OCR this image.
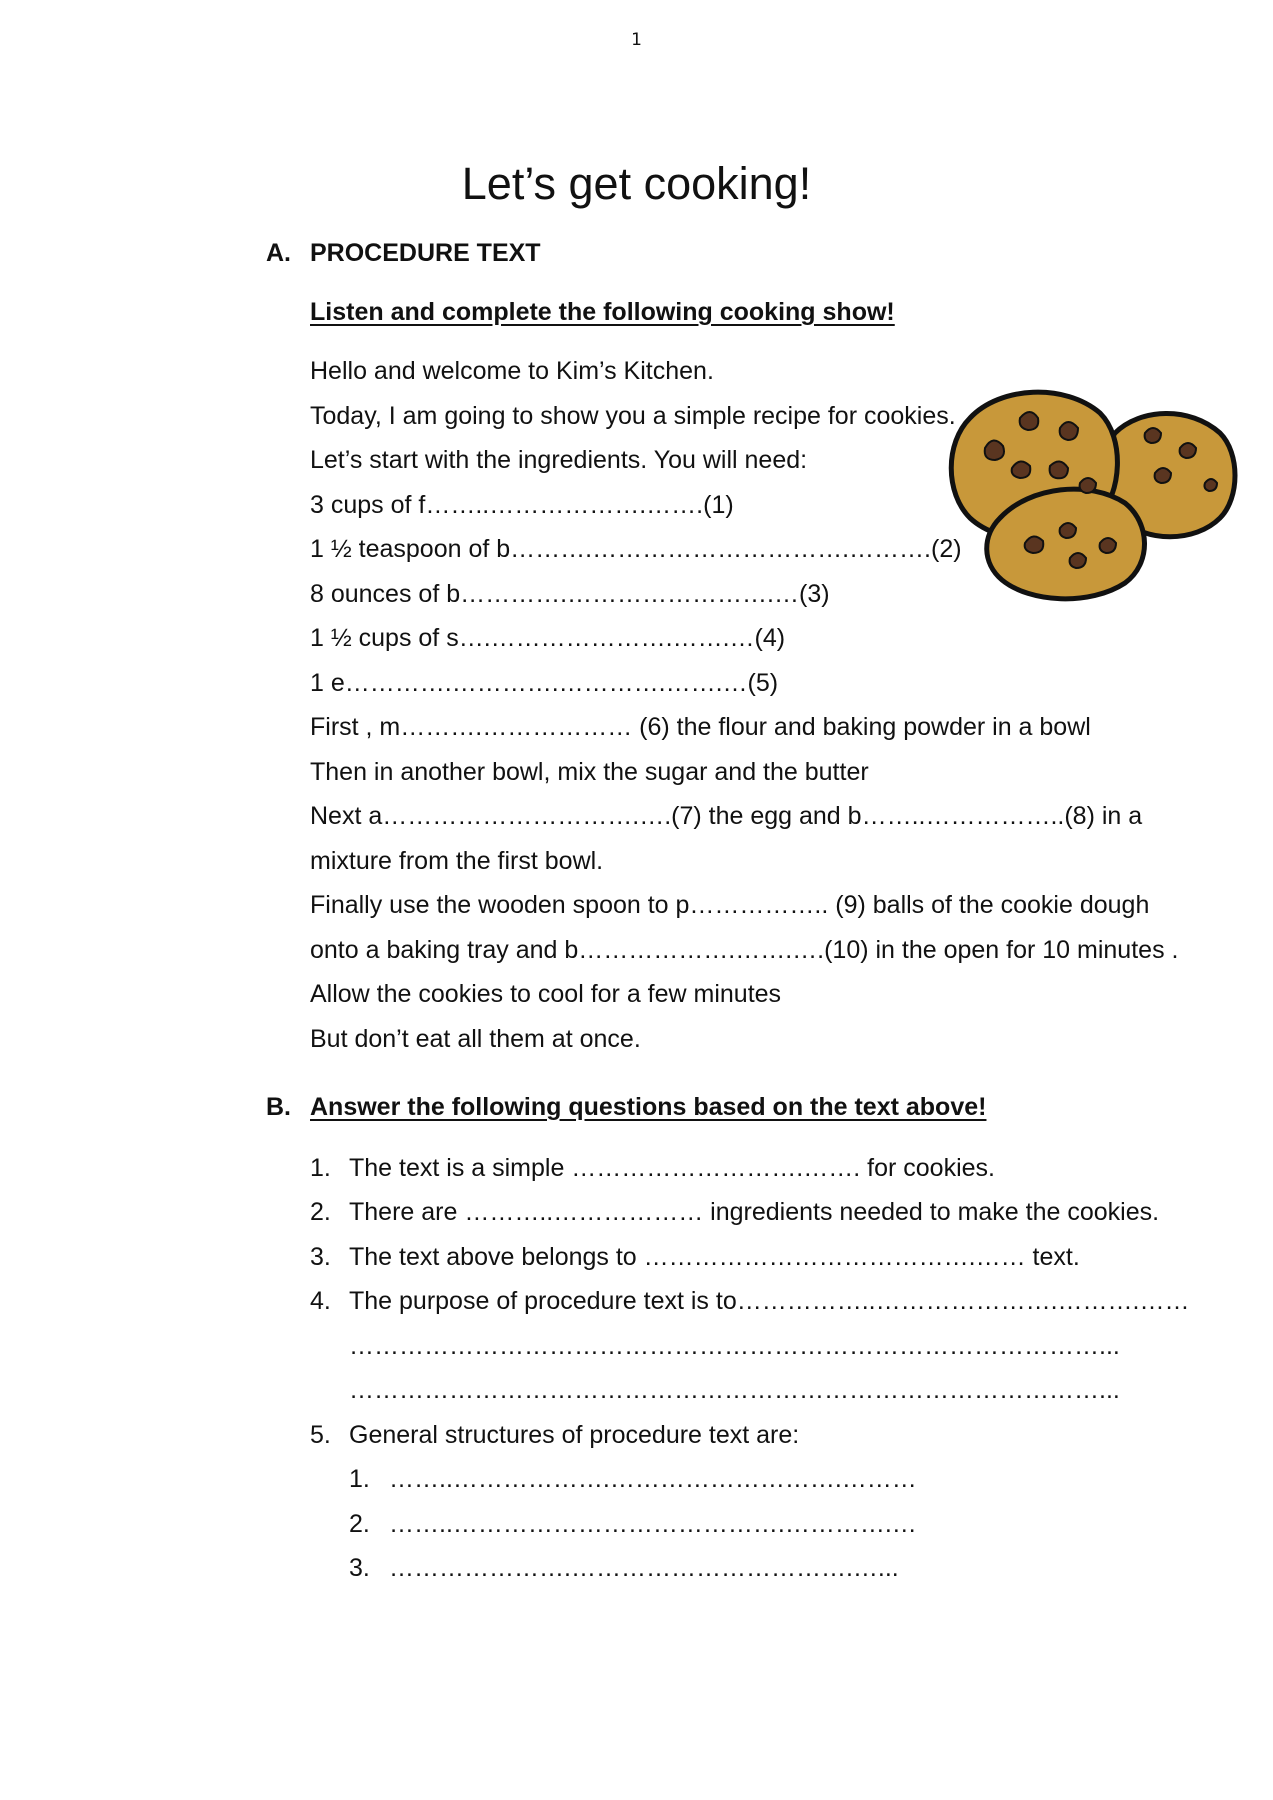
1
Let’s get cooking!
A. PROCEDURE TEXT
Listen and complete the following cooking show!
Hello and welcome to Kim’s Kitchen.
Today, I am going to show you a simple recipe for cookies.
Let’s start with the ingredients. You will need:
3 cups of f……..……………….…….(1)
1 ½ teaspoon of b……….………………………….……….(2)
8 ounces of b………….…………………….…(3)
1 ½ cups of s….………………….…….…(4)
1 e………….………….………….…….…(5)
First , m……….……………… (6) the flour and baking powder in a bowl
Then in another bowl, mix the sugar and the butter
Next a………………………….….(7) the egg and b……..……………..(8) in a
mixture from the first bowl.
Finally use the wooden spoon to p…………….. (9) balls of the cookie dough
onto a baking tray and b……………….…….….(10) in the open for 10 minutes .
Allow the cookies to cool for a few minutes
But don’t eat all them at once.
B. Answer the following questions based on the text above!
1. The text is a simple ……………………….……. for cookies.
2. There are ………..……………… ingredients needed to make the cookies.
3. The text above belongs to ………………………………….…… text.
4. The purpose of procedure text is to……………..………………….……….……
………………………………………………………………………………...
………………………………………………………………………………...
5. General structures of procedure text are:
1. ……..……………….……………………….………
2. ……..………………………………….………….…
3. ………………….…………………………….…...
